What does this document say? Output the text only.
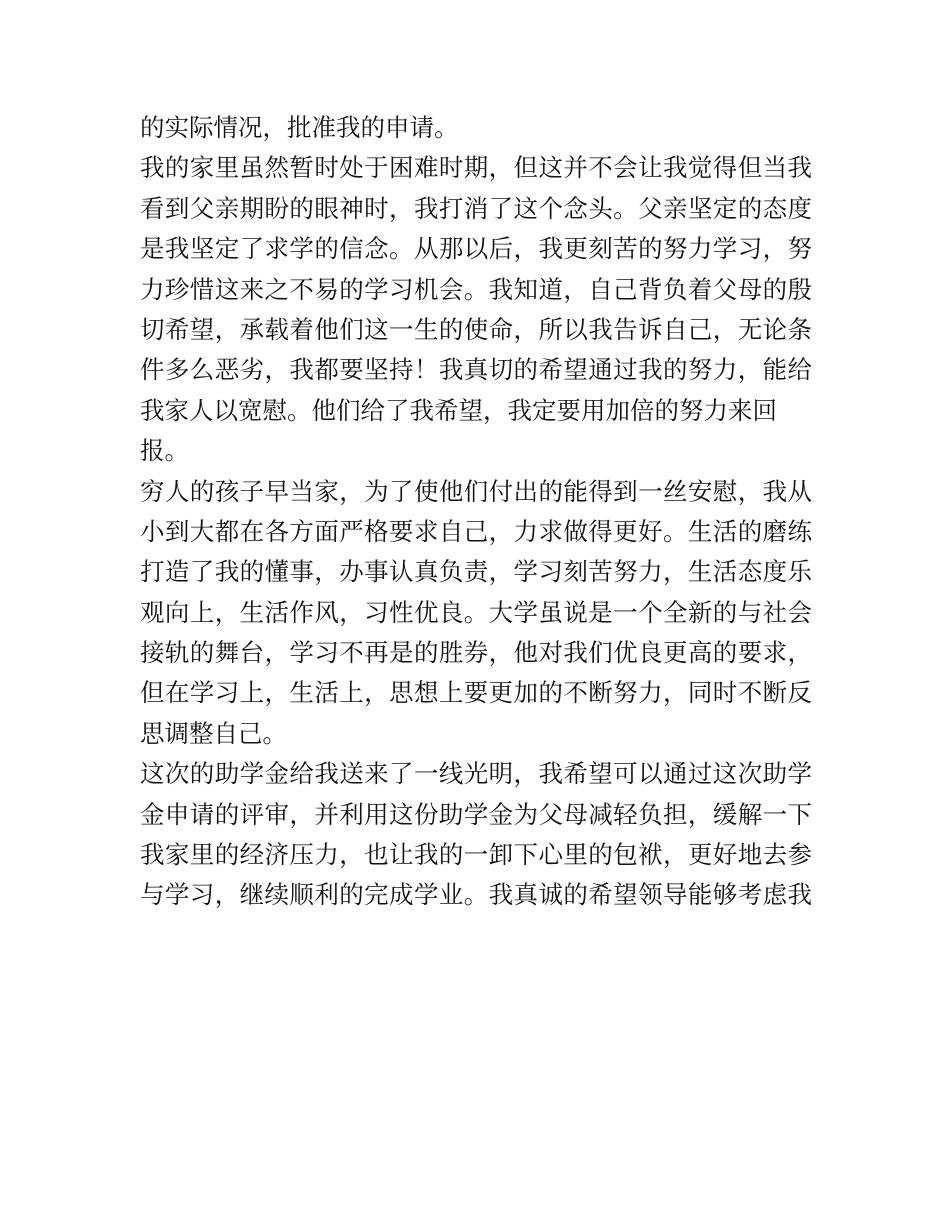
的实际情况，批准我的申请。
我的家里虽然暂时处于困难时期，但这并不会让我觉得但当我
看到父亲期盼的眼神时，我打消了这个念头。父亲坚定的态度
是我坚定了求学的信念。从那以后，我更刻苦的努力学习，努
力珍惜这来之不易的学习机会。我知道，自己背负着父母的殷
切希望，承载着他们这一生的使命，所以我告诉自己，无论条
件多么恶劣，我都要坚持！我真切的希望通过我的努力，能给
我家人以宽慰。他们给了我希望，我定要用加倍的努力来回
报。
穷人的孩子早当家，为了使他们付出的能得到一丝安慰，我从
小到大都在各方面严格要求自己，力求做得更好。生活的磨练
打造了我的懂事，办事认真负责，学习刻苦努力，生活态度乐
观向上，生活作风，习性优良。大学虽说是一个全新的与社会
接轨的舞台，学习不再是的胜券，他对我们优良更高的要求，
但在学习上，生活上，思想上要更加的不断努力，同时不断反
思调整自己。
这次的助学金给我送来了一线光明，我希望可以通过这次助学
金申请的评审，并利用这份助学金为父母减轻负担，缓解一下
我家里的经济压力，也让我的一卸下心里的包袱，更好地去参
与学习，继续顺利的完成学业。我真诚的希望领导能够考虑我
